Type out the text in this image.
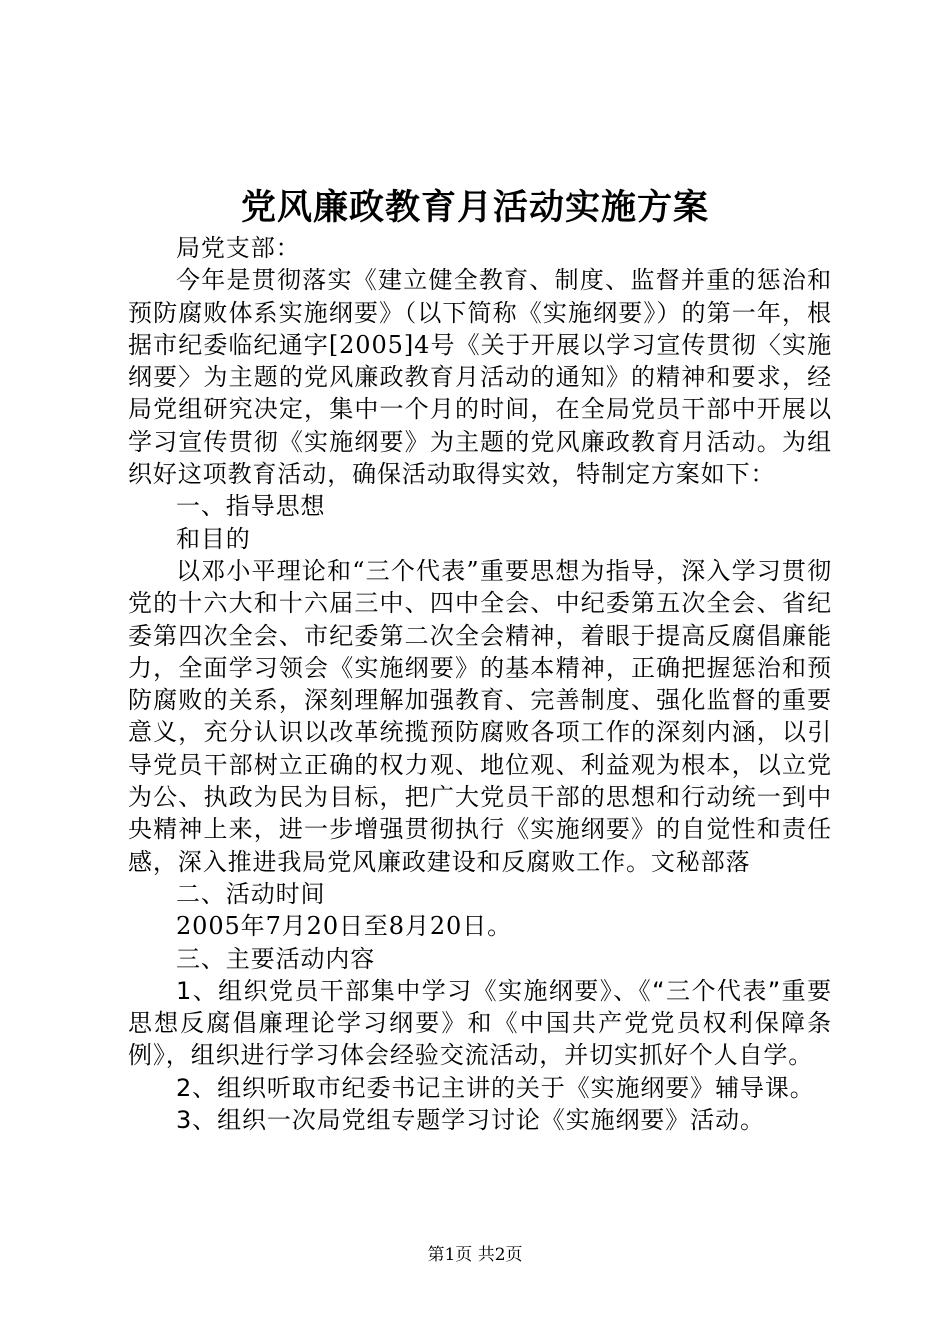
党风廉政教育月活动实施方案

局党支部：

今年是贯彻落实《建立健全教育、制度、监督并重的惩治和预防腐败体系实施纲要》（以下简称《实施纲要》）的第一年，根据市纪委临纪通字[2005]4号《关于开展以学习宣传贯彻〈实施纲要〉为主题的党风廉政教育月活动的通知》的精神和要求，经局党组研究决定，集中一个月的时间，在全局党员干部中开展以学习宣传贯彻《实施纲要》为主题的党风廉政教育月活动。为组织好这项教育活动，确保活动取得实效，特制定方案如下：

一、指导思想

和目的

以邓小平理论和“三个代表”重要思想为指导，深入学习贯彻党的十六大和十六届三中、四中全会、中纪委第五次全会、省纪委第四次全会、市纪委第二次全会精神，着眼于提高反腐倡廉能力，全面学习领会《实施纲要》的基本精神，正确把握惩治和预防腐败的关系，深刻理解加强教育、完善制度、强化监督的重要意义，充分认识以改革统揽预防腐败各项工作的深刻内涵，以引导党员干部树立正确的权力观、地位观、利益观为根本，以立党为公、执政为民为目标，把广大党员干部的思想和行动统一到中央精神上来，进一步增强贯彻执行《实施纲要》的自觉性和责任感，深入推进我局党风廉政建设和反腐败工作。文秘部落

二、活动时间

2005年7月20日至8月20日。

三、主要活动内容

1、组织党员干部集中学习《实施纲要》、《“三个代表”重要思想反腐倡廉理论学习纲要》和《中国共产党党员权利保障条例》，组织进行学习体会经验交流活动，并切实抓好个人自学。

2、组织听取市纪委书记主讲的关于《实施纲要》辅导课。

3、组织一次局党组专题学习讨论《实施纲要》活动。

第1页 共2页
